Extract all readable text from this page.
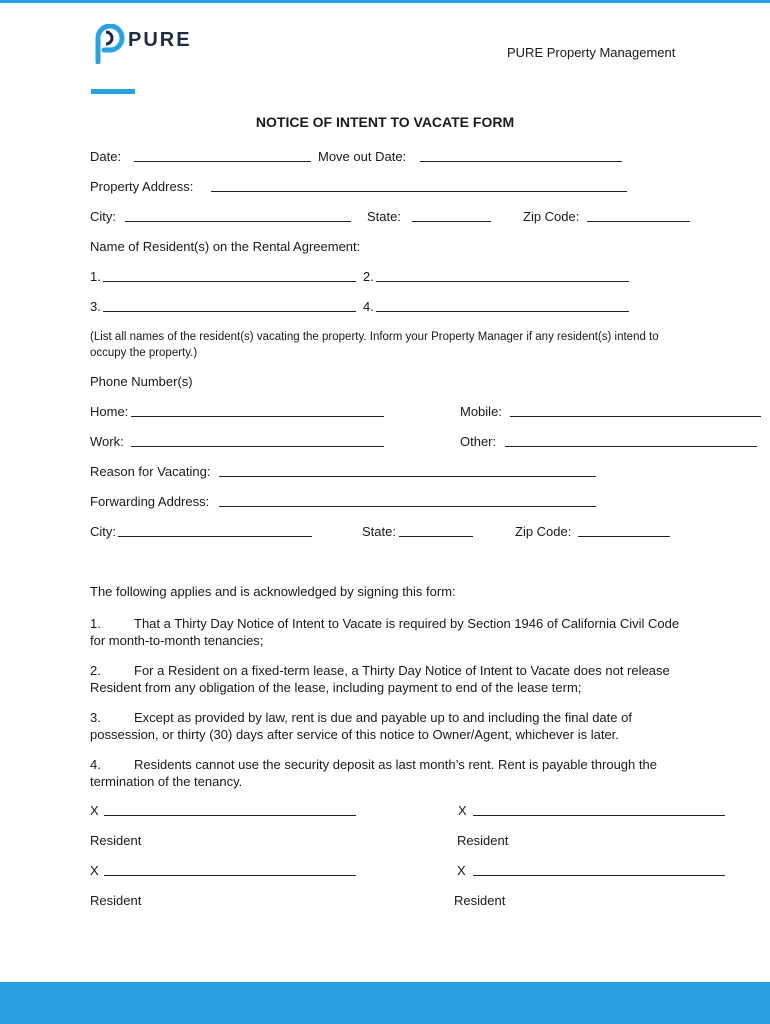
PURE
PURE Property Management
NOTICE OF INTENT TO VACATE FORM
Date:	Move out Date:
Property Address:
City:	State:	Zip Code:
Name of Resident(s) on the Rental Agreement:
1.	2.
3.	4.
(List all names of the resident(s) vacating the property. Inform your Property Manager if any resident(s) intend to occupy the property.)
Phone Number(s)
Home:	Mobile:
Work:	Other:
Reason for Vacating:
Forwarding Address:
City:	State:	Zip Code:
The following applies and is acknowledged by signing this form:
1.	That a Thirty Day Notice of Intent to Vacate is required by Section 1946 of California Civil Code for month-to-month tenancies;
2.	For a Resident on a fixed-term lease, a Thirty Day Notice of Intent to Vacate does not release Resident from any obligation of the lease, including payment to end of the lease term;
3.	Except as provided by law, rent is due and payable up to and including the final date of possession, or thirty (30) days after service of this notice to Owner/Agent, whichever is later.
4.	Residents cannot use the security deposit as last month’s rent. Rent is payable through the termination of the tenancy.
X	X
Resident	Resident
X	X
Resident	Resident
